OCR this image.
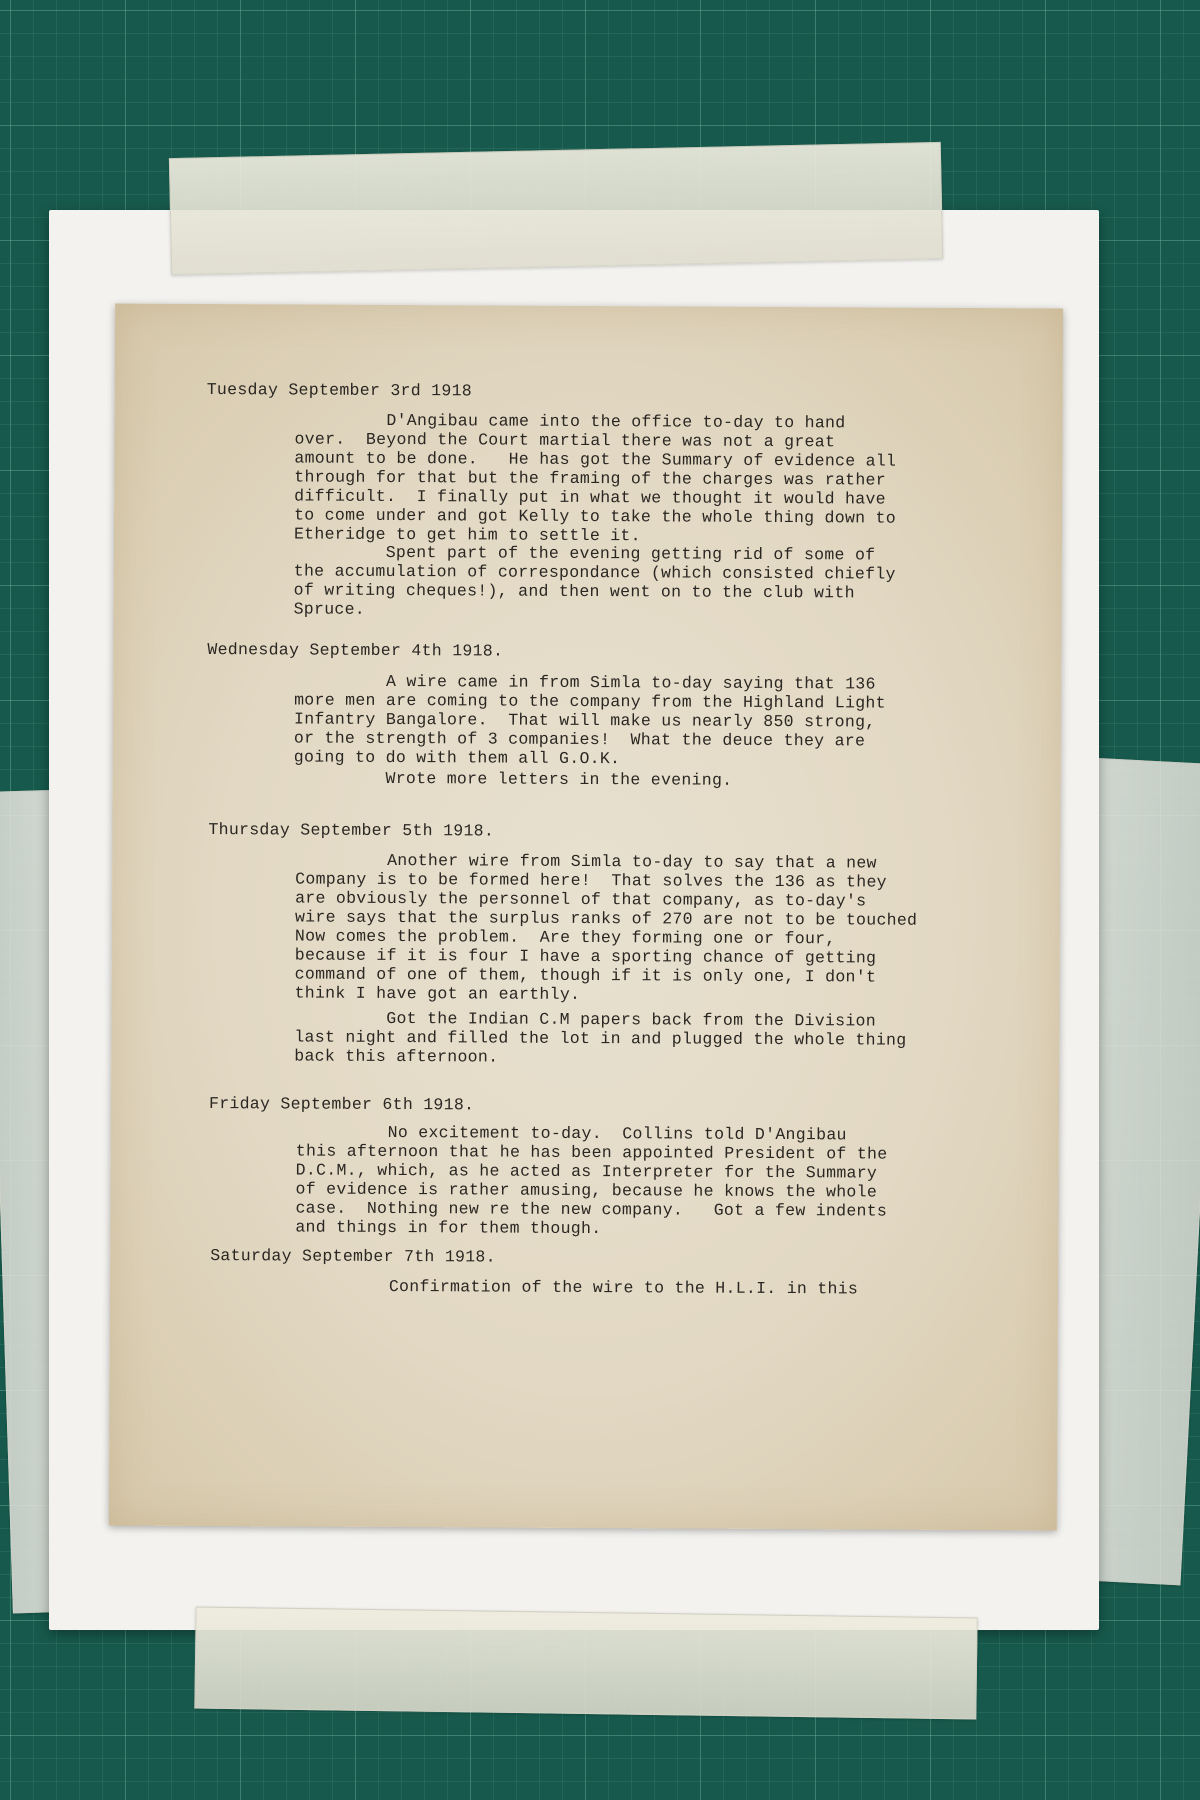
Tuesday September 3rd 1918
D'Angibau came into the office to-day to hand
over.  Beyond the Court martial there was not a great
amount to be done.   He has got the Summary of evidence all
through for that but the framing of the charges was rather
difficult.  I finally put in what we thought it would have
to come under and got Kelly to take the whole thing down to
Etheridge to get him to settle it.
Spent part of the evening getting rid of some of
the accumulation of correspondance (which consisted chiefly
of writing cheques!), and then went on to the club with
Spruce.
Wednesday September 4th 1918.
A wire came in from Simla to-day saying that 136
more men are coming to the company from the Highland Light
Infantry Bangalore.  That will make us nearly 850 strong,
or the strength of 3 companies!  What the deuce they are
going to do with them all G.O.K.
Wrote more letters in the evening.
Thursday September 5th 1918.
Another wire from Simla to-day to say that a new
Company is to be formed here!  That solves the 136 as they
are obviously the personnel of that company, as to-day's
wire says that the surplus ranks of 270 are not to be touched
Now comes the problem.  Are they forming one or four,
because if it is four I have a sporting chance of getting
command of one of them, though if it is only one, I don't
think I have got an earthly.
Got the Indian C.M papers back from the Division
last night and filled the lot in and plugged the whole thing
back this afternoon.
Friday September 6th 1918.
No excitement to-day.  Collins told D'Angibau
this afternoon that he has been appointed President of the
D.C.M., which, as he acted as Interpreter for the Summary
of evidence is rather amusing, because he knows the whole
case.  Nothing new re the new company.   Got a few indents
and things in for them though.
Saturday September 7th 1918.
Confirmation of the wire to the H.L.I. in this
